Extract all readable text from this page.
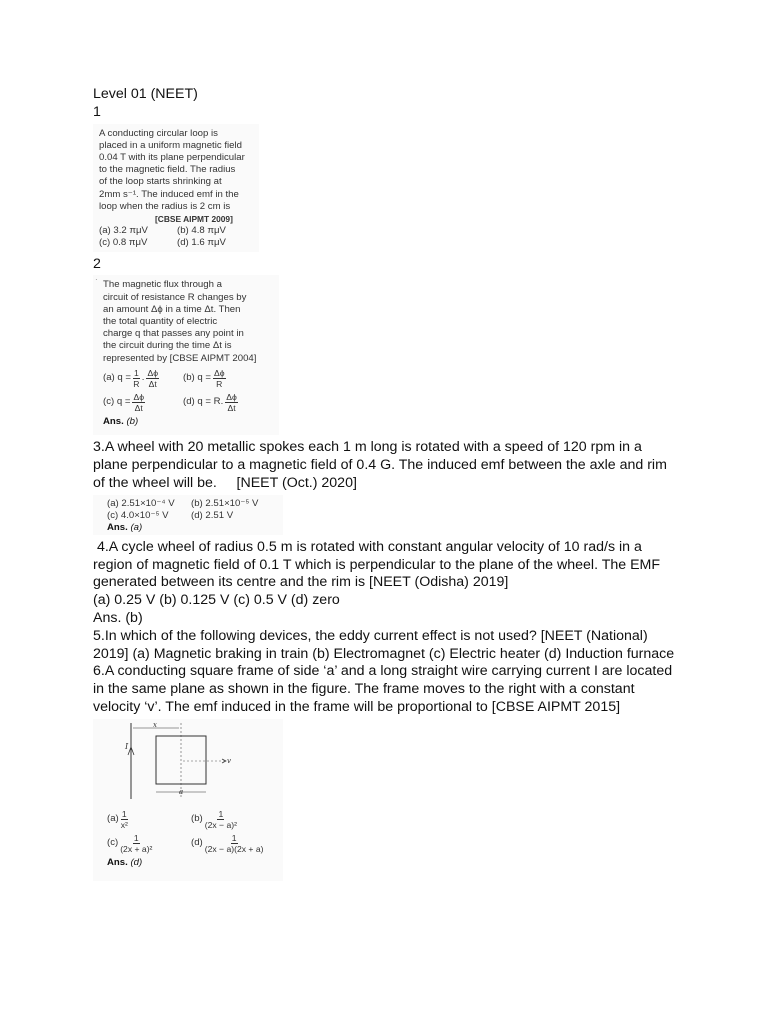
Level 01 (NEET)

1

A conducting circular loop is
placed in a uniform magnetic field
0.04 T with its plane perpendicular
to the magnetic field. The radius
of the loop starts shrinking at
2mm s⁻¹. The induced emf in the
loop when the radius is 2 cm is
[CBSE AIPMT 2009]
(a) 3.2 πμV	(b) 4.8 πμV
(c) 0.8 πμV	(d) 1.6 πμV

2

· The magnetic flux through a
circuit of resistance R changes by
an amount Δϕ in a time Δt. Then
the total quantity of electric
charge q that passes any point in
the circuit during the time Δt is
represented by [CBSE AIPMT 2004]
(a) $q = \frac{1}{R}$ . $\frac{\Delta\phi}{\Delta t} (b) q = \frac{\Delta\phi}{R}$
(c) $q = \frac{\Delta\phi}{\Delta t}$	(d) q = R. $\frac{\Delta\phi}{\Delta t}$
Ans. (b)

3.A wheel with 20 metallic spokes each 1 m long is rotated with a speed of 120 rpm in a

plane perpendicular to a magnetic field of 0.4 G. The induced emf between the axle and rim

of the wheel will be.     [NEET (Oct.) 2020]

(a) 2.51×10⁻⁴ V	(b) 2.51×10⁻⁵ V
(c) 4.0×10⁻⁵ V	(d) 2.51 V
Ans. (a)

4.A cycle wheel of radius 0.5 m is rotated with constant angular velocity of 10 rad/s in a

region of magnetic field of 0.1 T which is perpendicular to the plane of the wheel. The EMF

generated between its centre and the rim is [NEET (Odisha) 2019]

(a) 0.25 V (b) 0.125 V (c) 0.5 V (d) zero

Ans. (b)

5.In which of the following devices, the eddy current effect is not used? [NEET (National)

2019] (a) Magnetic braking in train (b) Electromagnet (c) Electric heater (d) Induction furnace

6.A conducting square frame of side ‘a’ and a long straight wire carrying current I are located

in the same plane as shown in the figure. The frame moves to the right with a constant

velocity ‘v’. The emf induced in the frame will be proportional to [CBSE AIPMT 2015]

I
x
v
a
$(a) \frac{1}{\text{x²}}$	$(b) \frac{1}{\text{(2x − a)²}}$
$(c) \frac{1}{\text{(2x + a)²}}$	$(d) \frac{1}{(2x - a)(2x + a)}$
Ans. (d)
